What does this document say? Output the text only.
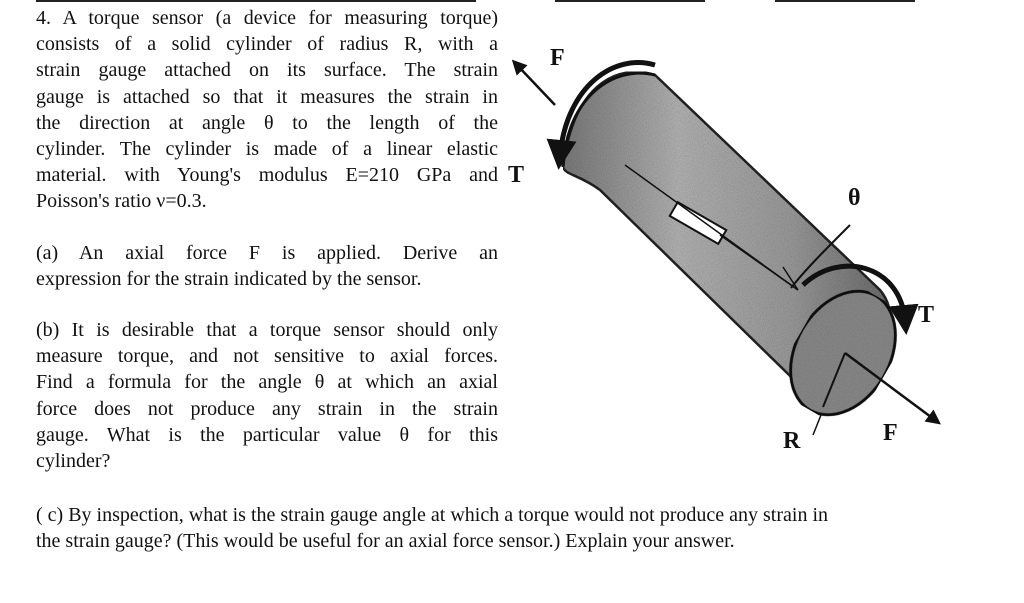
4. A torque sensor (a device for measuring torque)
consists of a solid cylinder of radius R, with a
strain gauge attached on its surface. The strain
gauge is attached so that it measures the strain in
the direction at angle θ to the length of the
cylinder. The cylinder is made of a linear elastic
material. with Young's modulus E=210 GPa and
Poisson's ratio ν=0.3.
(a) An axial force F is applied. Derive an
expression for the strain indicated by the sensor.
(b) It is desirable that a torque sensor should only
measure torque, and not sensitive to axial forces.
Find a formula for the angle θ at which an axial
force does not produce any strain in the strain
gauge. What is the particular value θ for this
cylinder?
( c) By inspection, what is the strain gauge angle at which a torque would not produce any strain in
the strain gauge? (This would be useful for an axial force sensor.) Explain your answer.
F
T
θ
T
R	F
